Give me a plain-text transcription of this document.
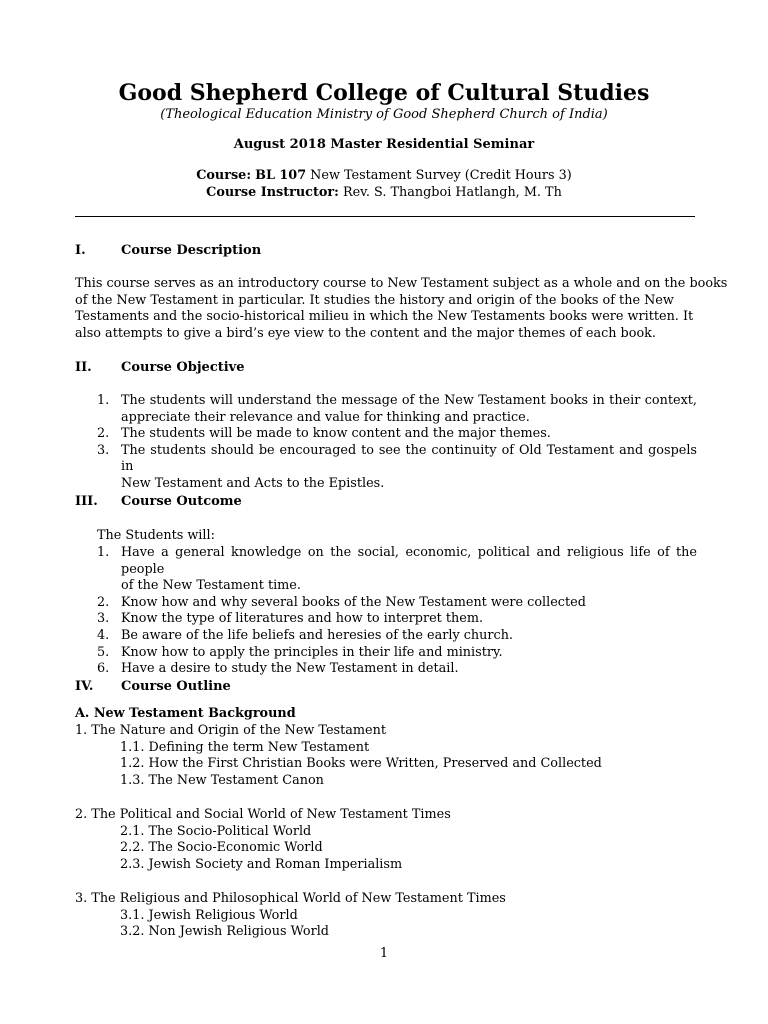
Good Shepherd College of Cultural Studies
(Theological Education Ministry of Good Shepherd Church of India)
August 2018 Master Residential Seminar
Course: BL 107 New Testament Survey (Credit Hours 3)
Course Instructor: Rev. S. Thangboi Hatlangh, M. Th
I.	Course Description
This course serves as an introductory course to New Testament subject as a whole and on the books
of the New Testament in particular. It studies the history and origin of the books of the New
Testaments and the socio-historical milieu in which the New Testaments books were written. It
also attempts to give a bird’s eye view to the content and the major themes of each book.
II. Course Objective
1. The students will understand the message of the New Testament books in their context,
appreciate their relevance and value for thinking and practice.
2. The students will be made to know content and the major themes.
3. The students should be encouraged to see the continuity of Old Testament and gospels in
New Testament and Acts to the Epistles.
III. Course Outcome
The Students will:
1. Have a general knowledge on the social, economic, political and religious life of the people
of the New Testament time.
2. Know how and why several books of the New Testament were collected
3. Know the type of literatures and how to interpret them.
4. Be aware of the life beliefs and heresies of the early church.
5. Know how to apply the principles in their life and ministry.
6. Have a desire to study the New Testament in detail.
IV. Course Outline
A. New Testament Background
1. The Nature and Origin of the New Testament
1.1. Defining the term New Testament
1.2. How the First Christian Books were Written, Preserved and Collected
1.3. The New Testament Canon
2. The Political and Social World of New Testament Times
2.1. The Socio-Political World
2.2. The Socio-Economic World
2.3. Jewish Society and Roman Imperialism
3. The Religious and Philosophical World of New Testament Times
3.1. Jewish Religious World
3.2. Non Jewish Religious World
1
